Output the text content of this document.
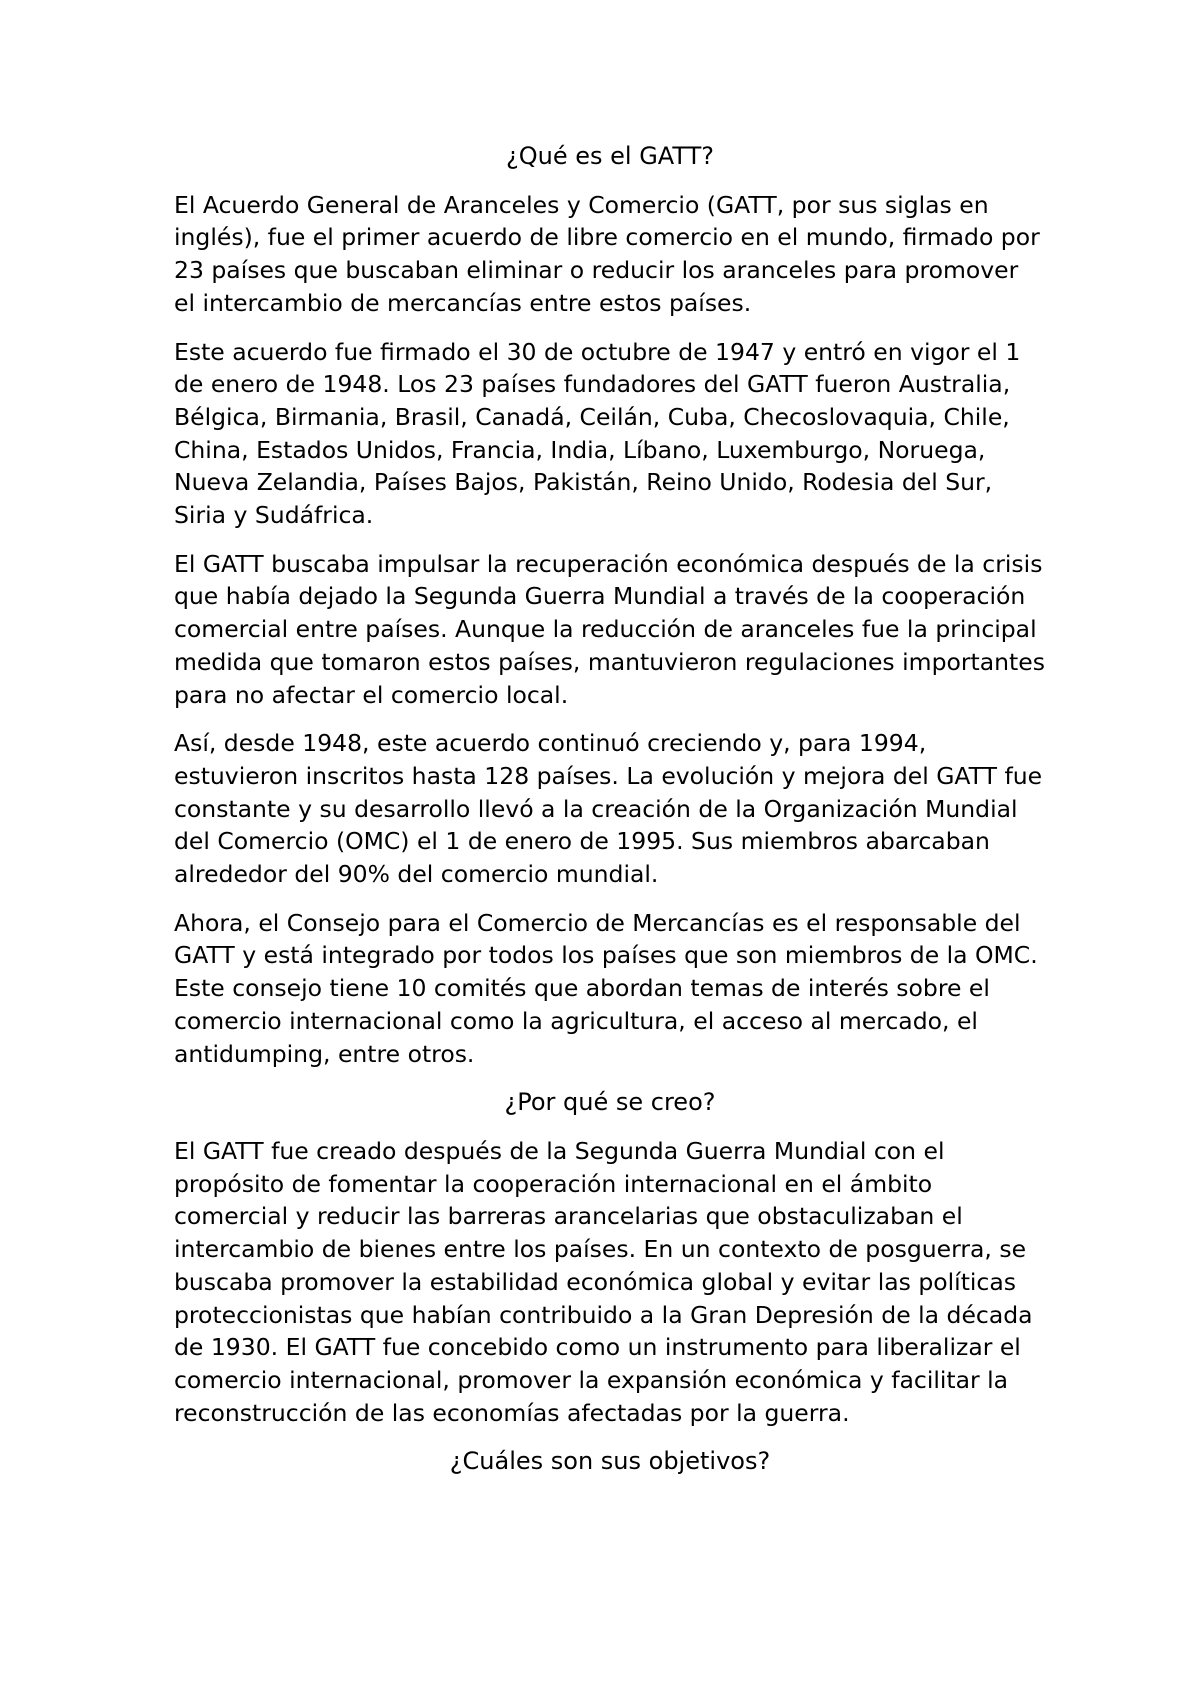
¿Qué es el GATT?

El Acuerdo General de Aranceles y Comercio (GATT, por sus siglas en inglés), fue el primer acuerdo de libre comercio en el mundo, firmado por 23 países que buscaban eliminar o reducir los aranceles para promover el intercambio de mercancías entre estos países.

Este acuerdo fue firmado el 30 de octubre de 1947 y entró en vigor el 1 de enero de 1948. Los 23 países fundadores del GATT fueron Australia, Bélgica, Birmania, Brasil, Canadá, Ceilán, Cuba, Checoslovaquia, Chile, China, Estados Unidos, Francia, India, Líbano, Luxemburgo, Noruega, Nueva Zelandia, Países Bajos, Pakistán, Reino Unido, Rodesia del Sur, Siria y Sudáfrica.

El GATT buscaba impulsar la recuperación económica después de la crisis que había dejado la Segunda Guerra Mundial a través de la cooperación comercial entre países. Aunque la reducción de aranceles fue la principal medida que tomaron estos países, mantuvieron regulaciones importantes para no afectar el comercio local.

Así, desde 1948, este acuerdo continuó creciendo y, para 1994, estuvieron inscritos hasta 128 países. La evolución y mejora del GATT fue constante y su desarrollo llevó a la creación de la Organización Mundial del Comercio (OMC) el 1 de enero de 1995. Sus miembros abarcaban alrededor del 90% del comercio mundial.

Ahora, el Consejo para el Comercio de Mercancías es el responsable del GATT y está integrado por todos los países que son miembros de la OMC. Este consejo tiene 10 comités que abordan temas de interés sobre el comercio internacional como la agricultura, el acceso al mercado, el antidumping, entre otros.

¿Por qué se creo?

El GATT fue creado después de la Segunda Guerra Mundial con el propósito de fomentar la cooperación internacional en el ámbito comercial y reducir las barreras arancelarias que obstaculizaban el intercambio de bienes entre los países. En un contexto de posguerra, se buscaba promover la estabilidad económica global y evitar las políticas proteccionistas que habían contribuido a la Gran Depresión de la década de 1930. El GATT fue concebido como un instrumento para liberalizar el comercio internacional, promover la expansión económica y facilitar la reconstrucción de las economías afectadas por la guerra.

¿Cuáles son sus objetivos?
